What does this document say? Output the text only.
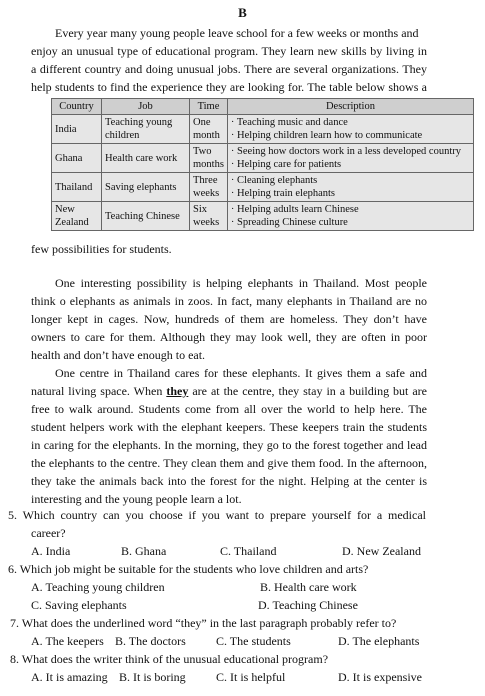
B
Every year many young people leave school for a few weeks or months and
enjoy an unusual type of educational program. They learn new skills by living in
a different country and doing unusual jobs. There are several organizations. They
help students to find the experience they are looking for. The table below shows a
Country	Job	Time	Description
India	Teaching young children	One month	· Teaching music and dance
· Helping children learn how to communicate

Ghana	Health care work	Two months	· Seeing how doctors work in a less developed country
· Helping care for patients

Thailand	Saving elephants	Three weeks	· Cleaning elephants
· Helping train elephants

New Zealand	Teaching Chinese	Six weeks	· Helping adults learn Chinese
· Spreading Chinese culture
few possibilities for students.
One interesting possibility is helping elephants in Thailand. Most people
think o elephants as animals in zoos. In fact, many elephants in Thailand are no
longer kept in cages. Now, hundreds of them are homeless. They don’t have
owners to care for them. Although they may look well, they are often in poor
health and don’t have enough to eat.
One centre in Thailand cares for these elephants. It gives them a safe and
natural living space. When they are at the centre, they stay in a building but are
free to walk around. Students come from all over the world to help here. The
student helpers work with the elephant keepers. These keepers train the students
in caring for the elephants. In the morning, they go to the forest together and lead
the elephants to the centre. They clean them and give them food. In the afternoon,
they take the animals back into the forest for the night. Helping at the center is
interesting and the young people learn a lot.
5. Which country can you choose if you want to prepare yourself for a medical
career?
A. India	B. Ghana	C. Thailand	D. New Zealand
6. Which job might be suitable for the students who love children and arts?
A. Teaching young children	B. Health care work
C. Saving elephants	D. Teaching Chinese
7. What does the underlined word “they” in the last paragraph probably refer to?
A. The keepers B. The doctors	C. The students	D. The elephants
8. What does the writer think of the unusual educational program?
A. It is amazing B. It is boring	C. It is helpful	D. It is expensive
